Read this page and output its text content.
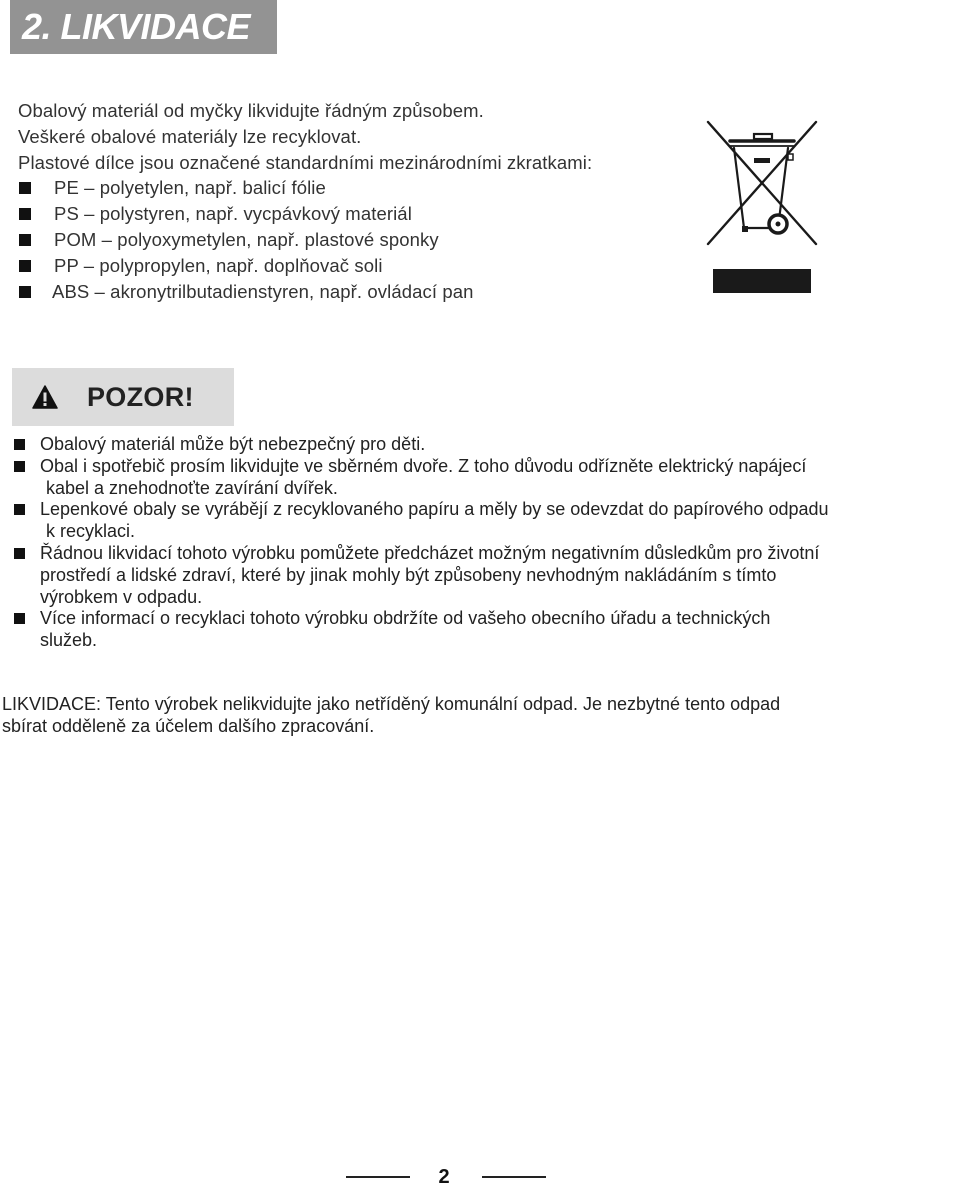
2. LIKVIDACE
Obalový materiál od myčky likvidujte řádným způsobem.
Veškeré obalové materiály lze recyklovat.
Plastové dílce jsou označené standardními mezinárodními zkratkami:
PE – polyetylen, např. balicí fólie
PS – polystyren, např. vycpávkový materiál
POM – polyoxymetylen, např. plastové sponky
PP – polypropylen, např. doplňovač soli
ABS – akronytrilbutadienstyren, např. ovládací pan
POZOR!
Obalový materiál může být nebezpečný pro děti.
Obal i spotřebič prosím likvidujte ve sběrném dvoře. Z toho důvodu odřízněte elektrický napájecí
kabel a znehodnoťte zavírání dvířek.
Lepenkové obaly se vyrábějí z recyklovaného papíru a měly by se odevzdat do papírového odpadu
k recyklaci.
Řádnou likvidací tohoto výrobku pomůžete předcházet možným negativním důsledkům pro životní
prostředí a lidské zdraví, které by jinak mohly být způsobeny nevhodným nakládáním s tímto
výrobkem v odpadu.
Více informací o recyklaci tohoto výrobku obdržíte od vašeho obecního úřadu a technických
služeb.
LIKVIDACE: Tento výrobek nelikvidujte jako netříděný komunální odpad. Je nezbytné tento odpad
sbírat odděleně za účelem dalšího zpracování.
2
